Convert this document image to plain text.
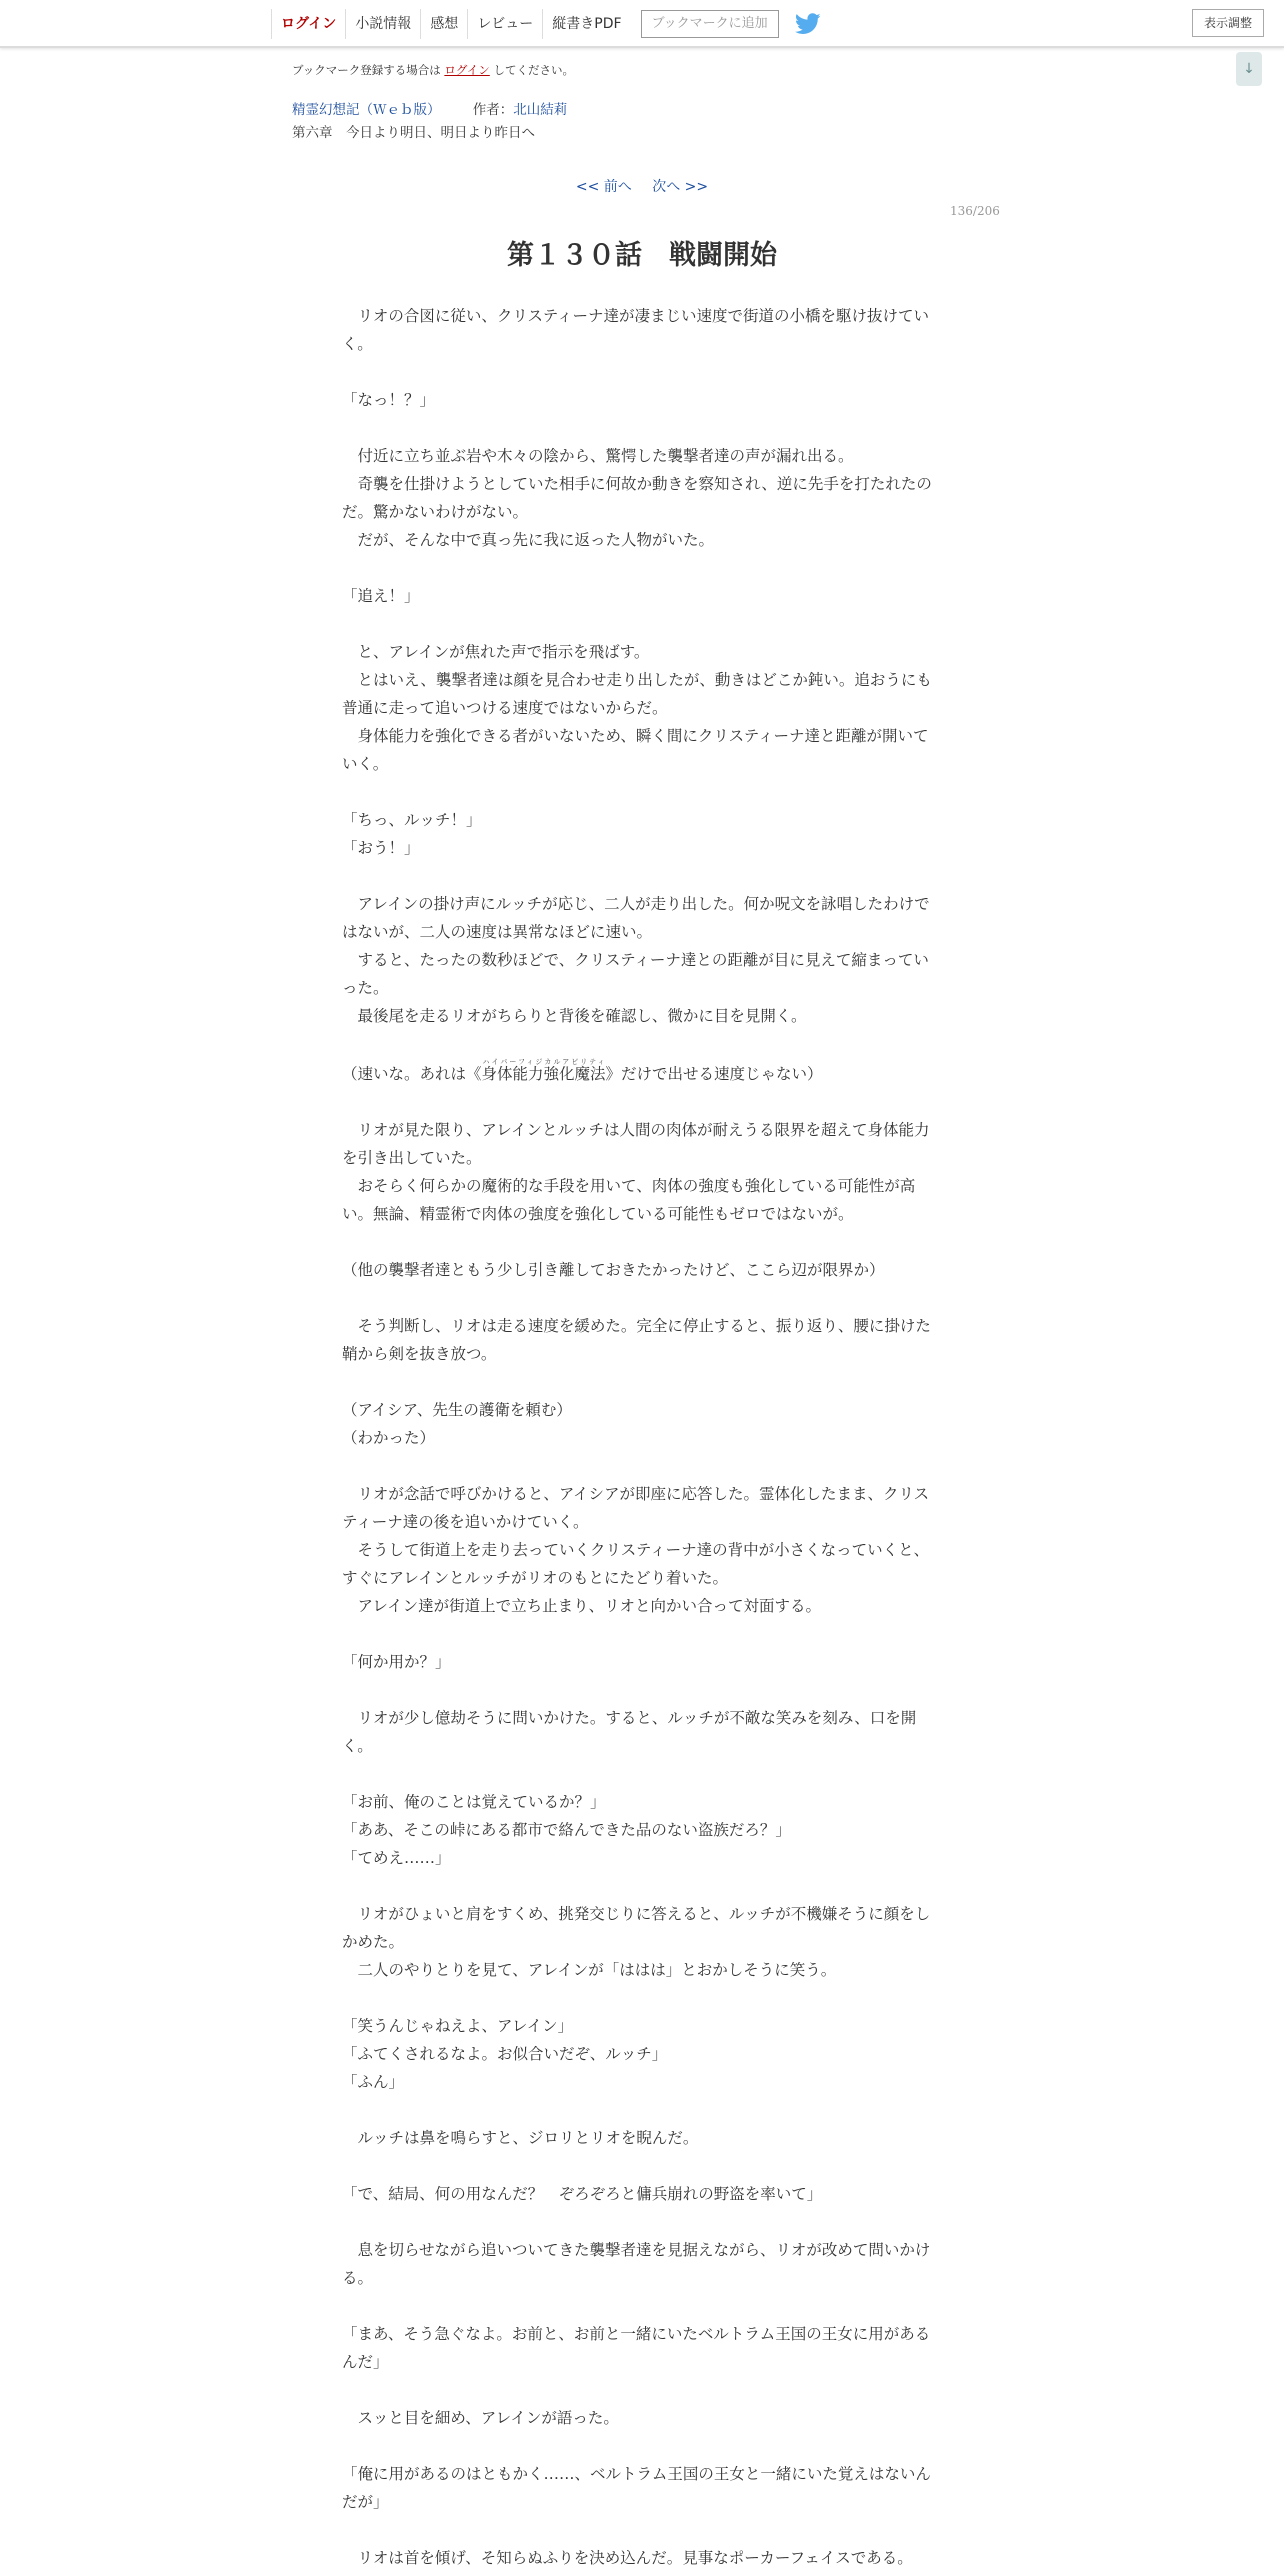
ログイン	小説情報	感想	レビュー	縦書きPDF	ブックマークに追加	表示調整
↓
ブックマーク登録する場合は ログイン してください。
精霊幻想記（Ｗｅｂ版） 作者：北山結莉
第六章　今日より明日、明日より昨日へ
<< 前へ 次へ >>
136/206
第１３０話　戦闘開始

　リオの合図に従い、クリスティーナ達が凄まじい速度で街道の小橋を駆け抜けていく。

「なっ！？」

　付近に立ち並ぶ岩や木々の陰から、驚愕した襲撃者達の声が漏れ出る。

　奇襲を仕掛けようとしていた相手に何故か動きを察知され、逆に先手を打たれたのだ。驚かないわけがない。

　だが、そんな中で真っ先に我に返った人物がいた。

「追え！」

　と、アレインが焦れた声で指示を飛ばす。

　とはいえ、襲撃者達は顔を見合わせ走り出したが、動きはどこか鈍い。追おうにも普通に走って追いつける速度ではないからだ。

　身体能力を強化できる者がいないため、瞬く間にクリスティーナ達と距離が開いていく。

「ちっ、ルッチ！」

「おう！」

　アレインの掛け声にルッチが応じ、二人が走り出した。何か呪文を詠唱したわけではないが、二人の速度は異常なほどに速い。

　すると、たったの数秒ほどで、クリスティーナ達との距離が目に見えて縮まっていった。

　最後尾を走るリオがちらりと背後を確認し、微かに目を見開く。

（速いな。あれは《身体能力強化魔法ハイパーフィジカルアビリティ》だけで出せる速度じゃない）

　リオが見た限り、アレインとルッチは人間の肉体が耐えうる限界を超えて身体能力を引き出していた。

　おそらく何らかの魔術的な手段を用いて、肉体の強度も強化している可能性が高い。無論、精霊術で肉体の強度を強化している可能性もゼロではないが。

（他の襲撃者達ともう少し引き離しておきたかったけど、ここら辺が限界か）

　そう判断し、リオは走る速度を緩めた。完全に停止すると、振り返り、腰に掛けた鞘から剣を抜き放つ。

（アイシア、先生の護衛を頼む）

（わかった）

　リオが念話で呼びかけると、アイシアが即座に応答した。霊体化したまま、クリスティーナ達の後を追いかけていく。

　そうして街道上を走り去っていくクリスティーナ達の背中が小さくなっていくと、すぐにアレインとルッチがリオのもとにたどり着いた。

　アレイン達が街道上で立ち止まり、リオと向かい合って対面する。

「何か用か？」

　リオが少し億劫そうに問いかけた。すると、ルッチが不敵な笑みを刻み、口を開く。

「お前、俺のことは覚えているか？」

「ああ、そこの峠にある都市で絡んできた品のない盗族だろ？」

「てめえ……」

　リオがひょいと肩をすくめ、挑発交じりに答えると、ルッチが不機嫌そうに顔をしかめた。

　二人のやりとりを見て、アレインが「ははは」とおかしそうに笑う。

「笑うんじゃねえよ、アレイン」

「ふてくされるなよ。お似合いだぞ、ルッチ」

「ふん」

　ルッチは鼻を鳴らすと、ジロリとリオを睨んだ。

「で、結局、何の用なんだ？　ぞろぞろと傭兵崩れの野盗を率いて」

　息を切らせながら追いついてきた襲撃者達を見据えながら、リオが改めて問いかける。

「まあ、そう急ぐなよ。お前と、お前と一緒にいたベルトラム王国の王女に用があるんだ」

　スッと目を細め、アレインが語った。

「俺に用があるのはともかく……、ベルトラム王国の王女と一緒にいた覚えはないんだが」

　リオは首を傾げ、そ知らぬふりを決め込んだ。見事なポーカーフェイスである。
